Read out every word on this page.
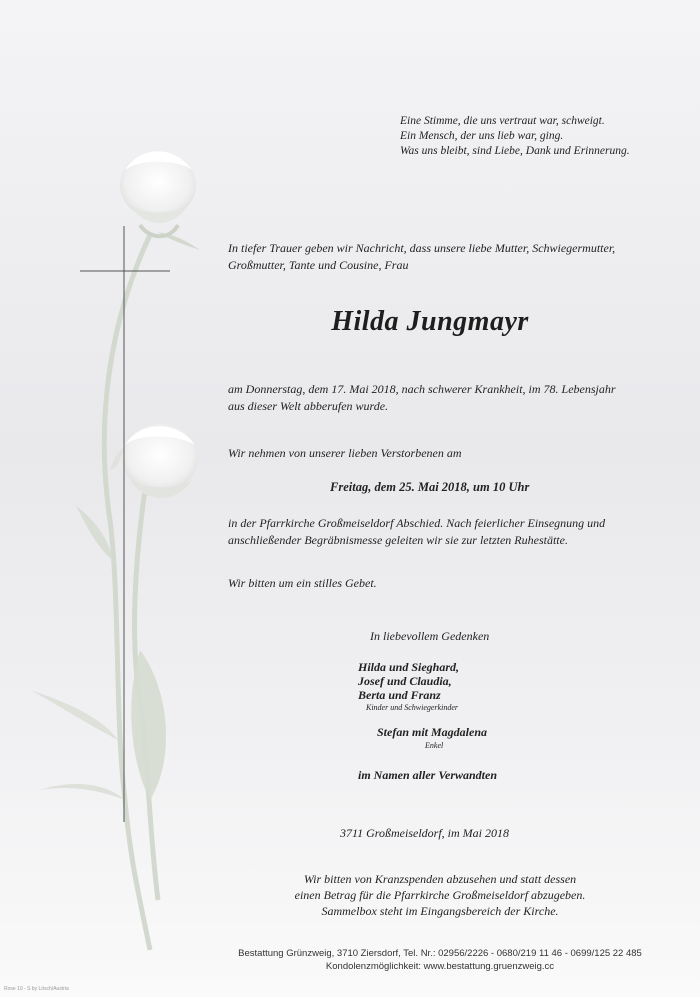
Eine Stimme, die uns vertraut war, schweigt.
Ein Mensch, der uns lieb war, ging.
Was uns bleibt, sind Liebe, Dank und Erinnerung.
In tiefer Trauer geben wir Nachricht, dass unsere liebe Mutter, Schwiegermutter,
Großmutter, Tante und Cousine, Frau
Hilda Jungmayr
am Donnerstag, dem 17. Mai 2018, nach schwerer Krankheit, im 78. Lebensjahr
aus dieser Welt abberufen wurde.
Wir nehmen von unserer lieben Verstorbenen am
Freitag, dem 25. Mai 2018, um 10 Uhr
in der Pfarrkirche Großmeiseldorf Abschied. Nach feierlicher Einsegnung und
anschließender Begräbnismesse geleiten wir sie zur letzten Ruhestätte.
Wir bitten um ein stilles Gebet.
In liebevollem Gedenken
Hilda und Sieghard,
Josef und Claudia,
Berta und Franz
Kinder und Schwiegerkinder
Stefan mit Magdalena
Enkel
im Namen aller Verwandten
3711 Großmeiseldorf, im Mai 2018
Wir bitten von Kranzspenden abzusehen und statt dessen
einen Betrag für die Pfarrkirche Großmeiseldorf abzugeben.
Sammelbox steht im Eingangsbereich der Kirche.
Bestattung Grünzweig, 3710 Ziersdorf, Tel. Nr.: 02956/2226 - 0680/219 11 46 - 0699/125 22 485
Kondolenzmöglichkeit: www.bestattung.gruenzweig.cc
Rose 10 - S by Lösch/Austria
